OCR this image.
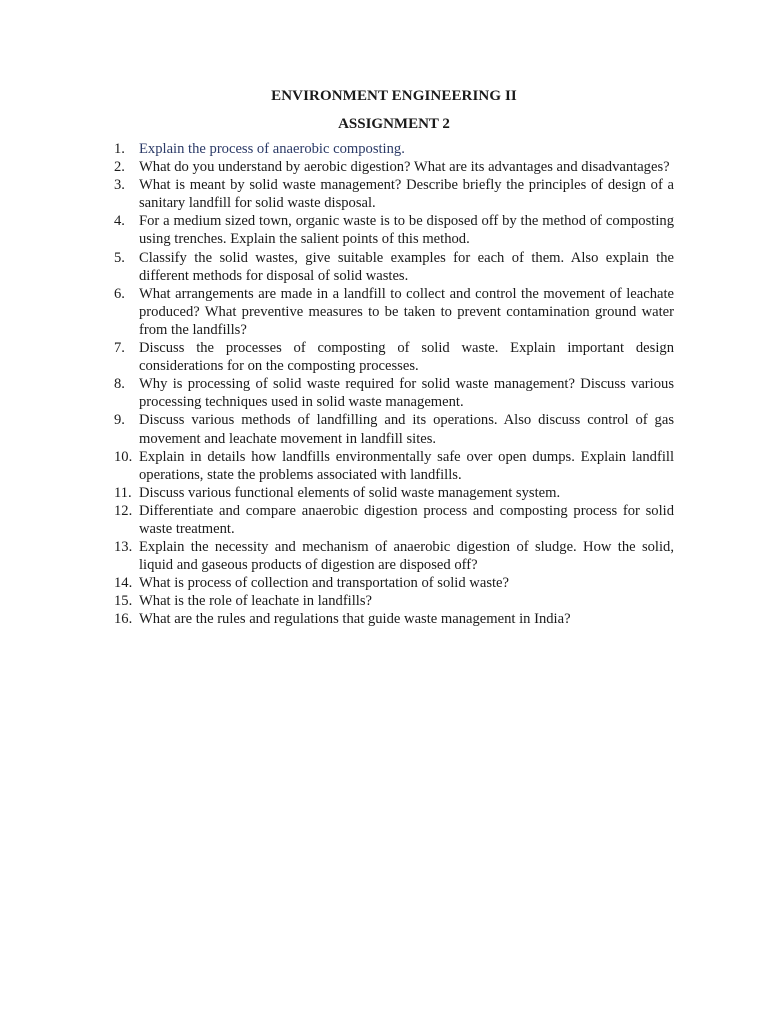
ENVIRONMENT ENGINEERING II
ASSIGNMENT 2
1. Explain the process of anaerobic composting.
2. What do you understand by aerobic digestion? What are its advantages and disadvantages?
3. What is meant by solid waste management? Describe briefly the principles of design of a sanitary landfill for solid waste disposal.
4. For a medium sized town, organic waste is to be disposed off by the method of composting using trenches. Explain the salient points of this method.
5. Classify the solid wastes, give suitable examples for each of them. Also explain the different methods for disposal of solid wastes.
6. What arrangements are made in a landfill to collect and control the movement of leachate produced? What preventive measures to be taken to prevent contamination ground water from the landfills?
7. Discuss the processes of composting of solid waste. Explain important design considerations for on the composting processes.
8. Why is processing of solid waste required for solid waste management? Discuss various processing techniques used in solid waste management.
9. Discuss various methods of landfilling and its operations. Also discuss control of gas movement and leachate movement in landfill sites.
10. Explain in details how landfills environmentally safe over open dumps. Explain landfill operations, state the problems associated with landfills.
11. Discuss various functional elements of solid waste management system.
12. Differentiate and compare anaerobic digestion process and composting process for solid waste treatment.
13. Explain the necessity and mechanism of anaerobic digestion of sludge. How the solid, liquid and gaseous products of digestion are disposed off?
14. What is process of collection and transportation of solid waste?
15. What is the role of leachate in landfills?
16. What are the rules and regulations that guide waste management in India?
